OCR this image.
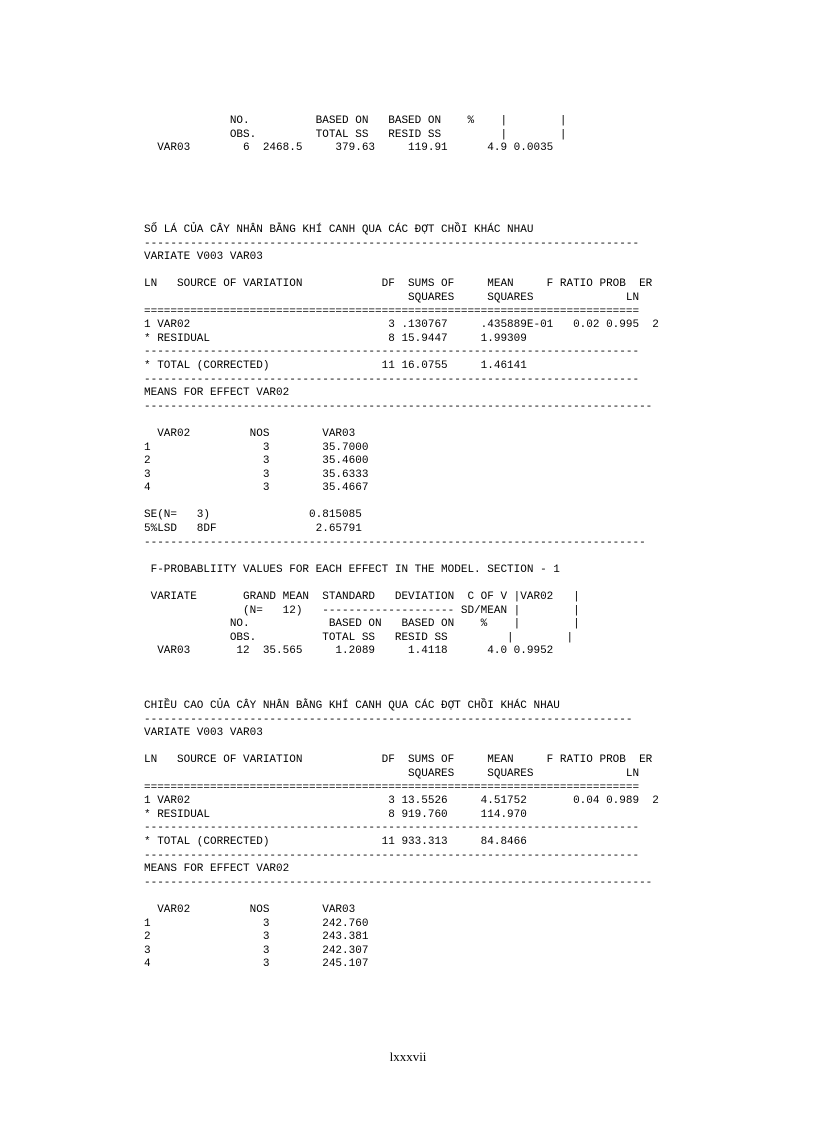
NO.          BASED ON   BASED ON    %    |        |
OBS.         TOTAL SS   RESID SS         |        |
VAR03        6  2468.5     379.63     119.91      4.9 0.0035
SỐ LÁ CỦA CÂY NHÂN BẰNG KHÍ CANH QUA CÁC ĐỢT CHỒI KHÁC NHAU
---------------------------------------------------------------------------
VARIATE V003 VAR03

LN   SOURCE OF VARIATION            DF  SUMS OF     MEAN     F RATIO PROB  ER
SQUARES     SQUARES              LN
===========================================================================
1 VAR02                              3 .130767     .435889E-01   0.02 0.995  2
* RESIDUAL                           8 15.9447     1.99309
---------------------------------------------------------------------------
* TOTAL (CORRECTED)                 11 16.0755     1.46141
---------------------------------------------------------------------------
MEANS FOR EFFECT VAR02
-----------------------------------------------------------------------------

VAR02         NOS        VAR03
1                 3        35.7000
2                 3        35.4600
3                 3        35.6333
4                 3        35.4667

SE(N=   3)               0.815085
5%LSD   8DF               2.65791
----------------------------------------------------------------------------

F-PROBABLIITY VALUES FOR EACH EFFECT IN THE MODEL. SECTION - 1

VARIATE       GRAND MEAN  STANDARD   DEVIATION  C OF V |VAR02   |
(N=   12)   -------------------- SD/MEAN |        |
NO.            BASED ON   BASED ON    %    |        |
OBS.          TOTAL SS   RESID SS         |        |
VAR03       12  35.565     1.2089     1.4118      4.0 0.9952
CHIỀU CAO CỦA CÂY NHÂN BẰNG KHÍ CANH QUA CÁC ĐỢT CHỒI KHÁC NHAU
--------------------------------------------------------------------------
VARIATE V003 VAR03

LN   SOURCE OF VARIATION            DF  SUMS OF     MEAN     F RATIO PROB  ER
SQUARES     SQUARES              LN
===========================================================================
1 VAR02                              3 13.5526     4.51752       0.04 0.989  2
* RESIDUAL                           8 919.760     114.970
---------------------------------------------------------------------------
* TOTAL (CORRECTED)                 11 933.313     84.8466
---------------------------------------------------------------------------
MEANS FOR EFFECT VAR02
-----------------------------------------------------------------------------

VAR02         NOS        VAR03
1                 3        242.760
2                 3        243.381
3                 3        242.307
4                 3        245.107
lxxxvii
